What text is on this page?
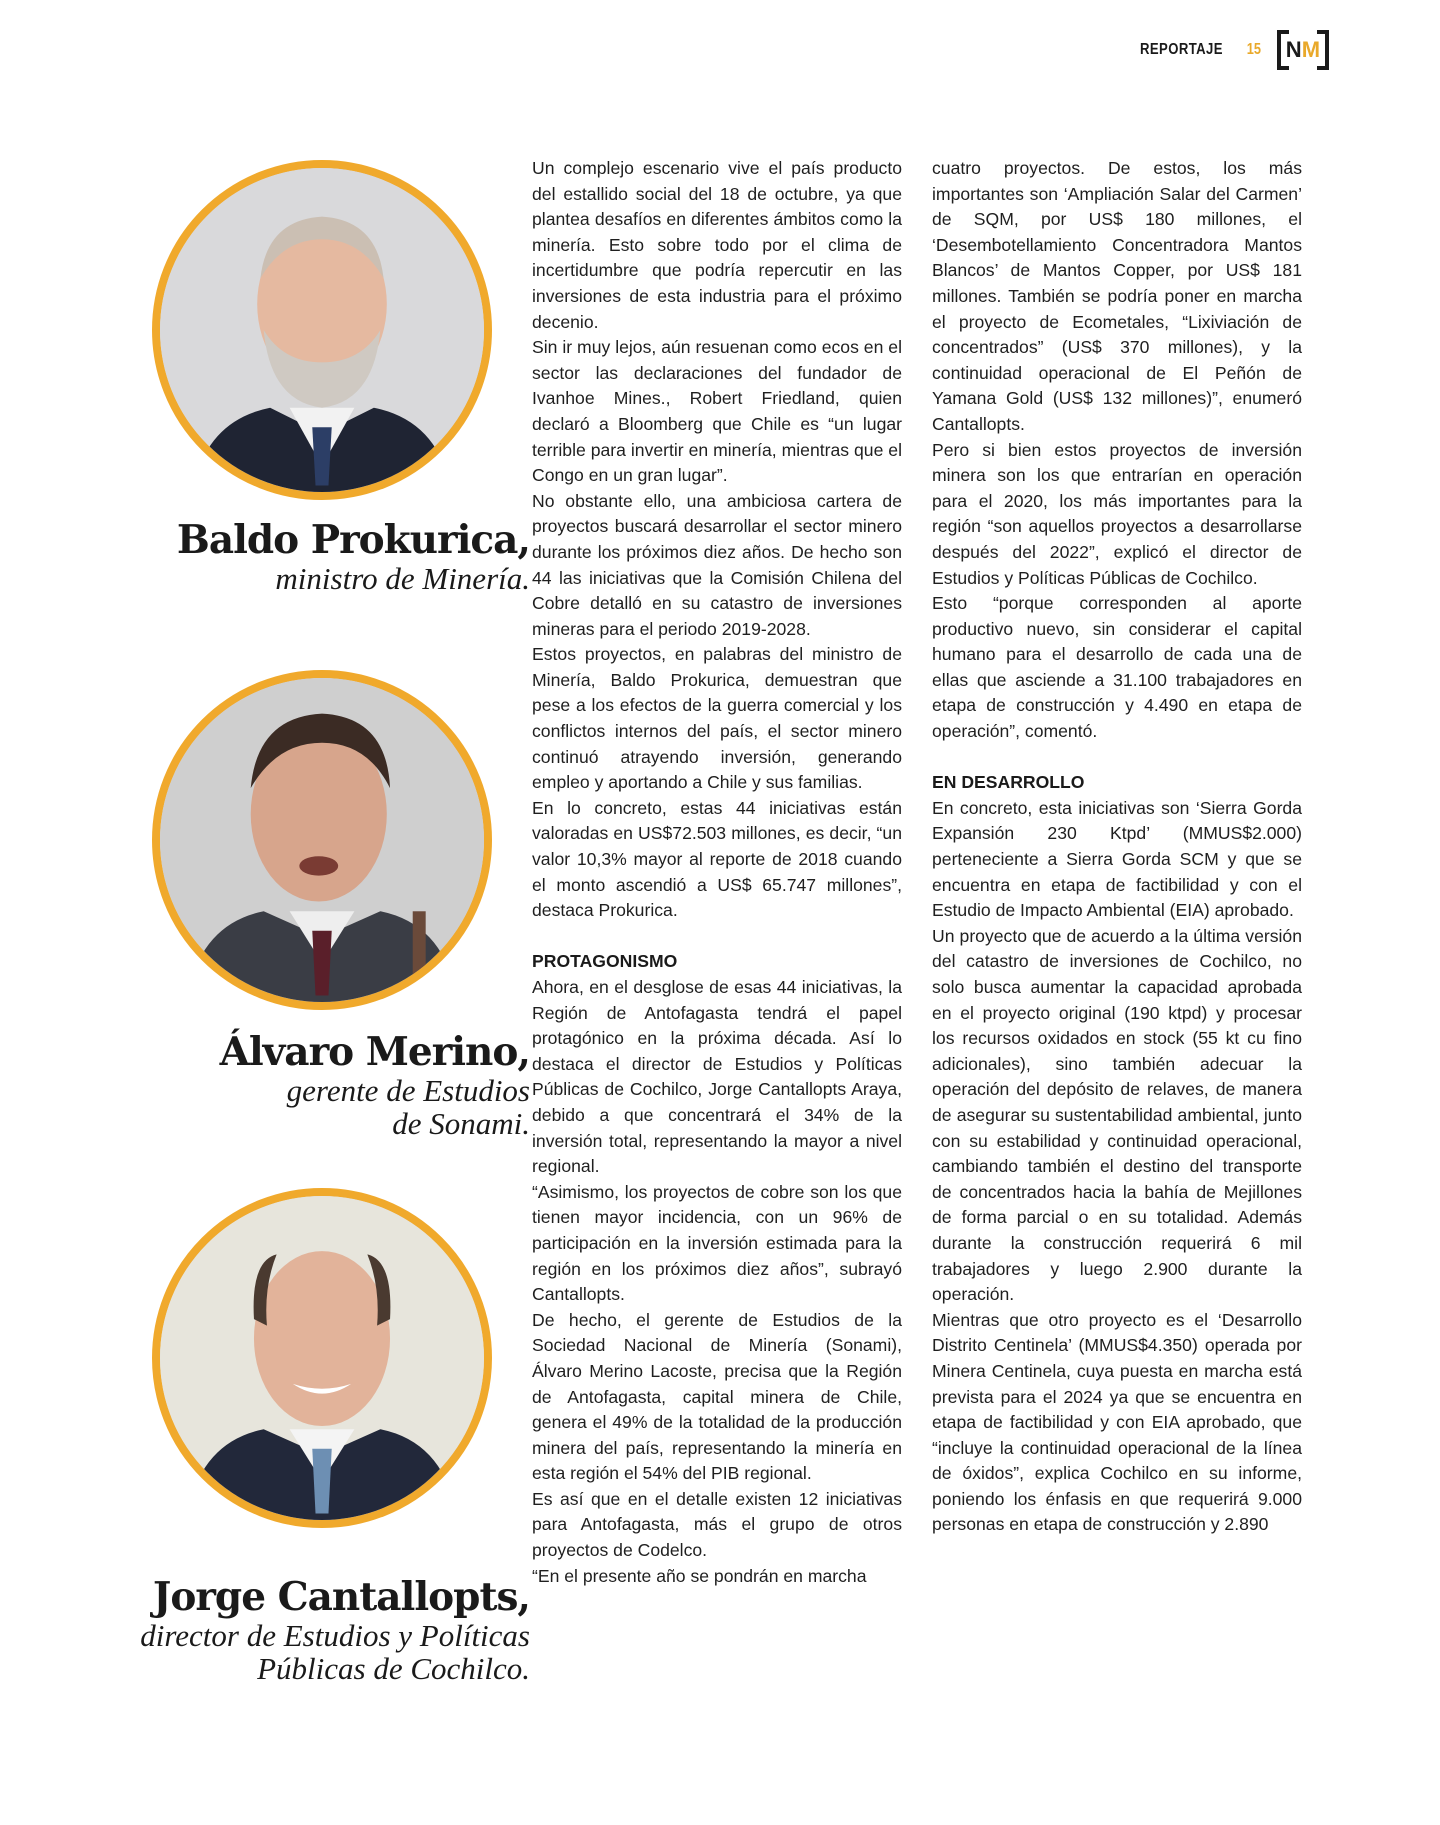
REPORTAJE 15 N M
Baldo Prokurica,
ministro de Minería.
Álvaro Merino,
gerente de Estudios
de Sonami.
Jorge Cantallopts,
director de Estudios y Políticas
Públicas de Cochilco.

Un complejo escenario vive el país producto del estallido social del 18 de octubre, ya que plantea desafíos en diferentes ámbitos como la minería. Esto sobre todo por el clima de incertidumbre que podría repercutir en las inversiones de esta industria para el próximo decenio.

Sin ir muy lejos, aún resuenan como ecos en el sector las declaraciones del fundador de Ivanhoe Mines., Robert Friedland, quien declaró a Bloomberg que Chile es “un lugar terrible para invertir en minería, mientras que el Congo en un gran lugar”.

No obstante ello, una ambiciosa cartera de proyectos buscará desarrollar el sector minero durante los próximos diez años. De hecho son 44 las iniciativas que la Comisión Chilena del Cobre detalló en su catastro de inversiones mineras para el periodo 2019-2028.

Estos proyectos, en palabras del ministro de Minería, Baldo Prokurica, demuestran que pese a los efectos de la guerra comercial y los conflictos internos del país, el sector minero continuó atrayendo inversión, generando empleo y aportando a Chile y sus familias.

En lo concreto, estas 44 iniciativas están valoradas en US$72.503 millones, es decir, “un valor 10,3% mayor al reporte de 2018 cuando el monto ascendió a US$ 65.747 millones”, destaca Prokurica.

PROTAGONISMO

Ahora, en el desglose de esas 44 iniciativas, la Región de Antofagasta tendrá el papel protagónico en la próxima década. Así lo destaca el director de Estudios y Políticas Públicas de Cochilco, Jorge Cantallopts Araya, debido a que concentrará el 34% de la inversión total, representando la mayor a nivel regional.

“Asimismo, los proyectos de cobre son los que tienen mayor incidencia, con un 96% de participación en la inversión estimada para la región en los próximos diez años”, subrayó Cantallopts.

De hecho, el gerente de Estudios de la Sociedad Nacional de Minería (Sonami), Álvaro Merino Lacoste, precisa que la Región de Antofagasta, capital minera de Chile, genera el 49% de la totalidad de la producción minera del país, representando la minería en esta región el 54% del PIB regional.

Es así que en el detalle existen 12 iniciativas para Antofagasta, más el grupo de otros proyectos de Codelco.

“En el presente año se pondrán en marcha

cuatro proyectos. De estos, los más importantes son ‘Ampliación Salar del Carmen’ de SQM, por US$ 180 millones, el ‘Desembotellamiento Concentradora Mantos Blancos’ de Mantos Copper, por US$ 181 millones. También se podría poner en marcha el proyecto de Ecometales, “Lixiviación de concentrados” (US$ 370 millones), y la continuidad operacional de El Peñón de Yamana Gold (US$ 132 millones)”, enumeró Cantallopts.

Pero si bien estos proyectos de inversión minera son los que entrarían en operación para el 2020, los más importantes para la región “son aquellos proyectos a desarrollarse después del 2022”, explicó el director de Estudios y Políticas Públicas de Cochilco.

Esto “porque corresponden al aporte productivo nuevo, sin considerar el capital humano para el desarrollo de cada una de ellas que asciende a 31.100 trabajadores en etapa de construcción y 4.490 en etapa de operación”, comentó.

EN DESARROLLO

En concreto, esta iniciativas son ‘Sierra Gorda Expansión 230 Ktpd’ (MMUS$2.000) perteneciente a Sierra Gorda SCM y que se encuentra en etapa de factibilidad y con el Estudio de Impacto Ambiental (EIA) aprobado.

Un proyecto que de acuerdo a la última versión del catastro de inversiones de Cochilco, no solo busca aumentar la capacidad aprobada en el proyecto original (190 ktpd) y procesar los recursos oxidados en stock (55 kt cu fino adicionales), sino también adecuar la operación del depósito de relaves, de manera de asegurar su sustentabilidad ambiental, junto con su estabilidad y continuidad operacional, cambiando también el destino del transporte de concentrados hacia la bahía de Mejillones de forma parcial o en su totalidad. Además durante la construcción requerirá 6 mil trabajadores y luego 2.900 durante la operación.

Mientras que otro proyecto es el ‘Desarrollo Distrito Centinela’ (MMUS$4.350) operada por Minera Centinela, cuya puesta en marcha está prevista para el 2024 ya que se encuentra en etapa de factibilidad y con EIA aprobado, que “incluye la continuidad operacional de la línea de óxidos”, explica Cochilco en su informe, poniendo los énfasis en que requerirá 9.000 personas en etapa de construcción y 2.890
